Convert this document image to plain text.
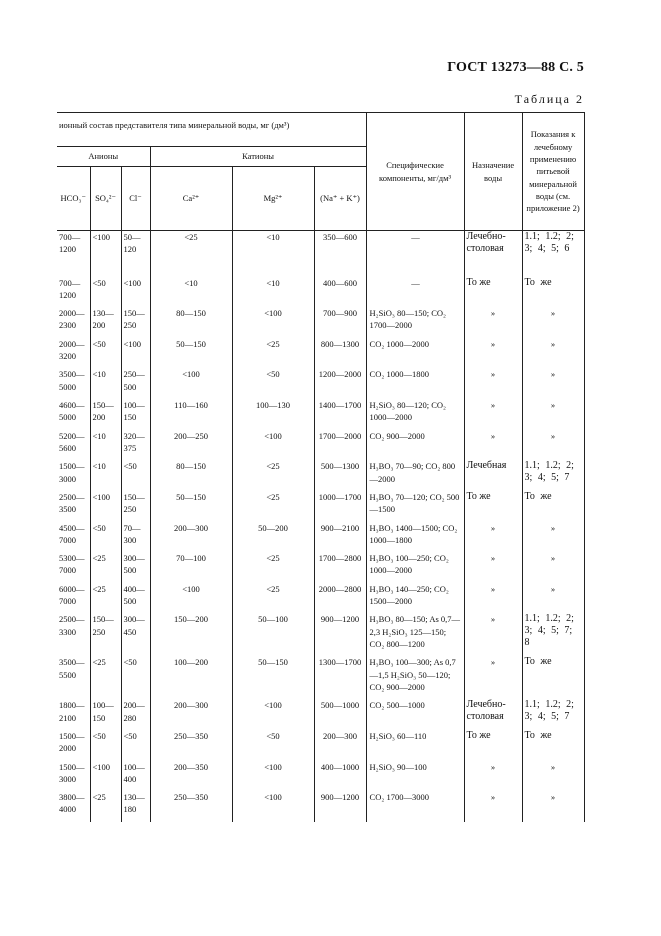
ГОСТ 13273—88 С. 5
Таблица 2
ионный состав представителя типа минеральной воды, мг (дм³)						Специфические компоненты, мг/дм³	Назначение воды	Показания к лечебному применению питьевой минеральной воды (см. приложение 2)
Анионы			Катионы					
HCO₃⁻	SO₄²⁻	Cl⁻	Ca²⁺	Mg²⁺	(Na⁺ + K⁺)			
700—1200	<100	50—120	<25	<10	350—600	—	Лечебно-столовая	1.1; 1.2; 2; 3; 4; 5; 6
700—1200	<50	<100	<10	<10	400—600	—	То же	То же
2000—2300	130—200	150—250	80—150	<100	700—900	H₂SiO₃ 80—150; CO₂ 1700—2000	»	»
2000—3200	<50	<100	50—150	<25	800—1300	CO₂ 1000—2000	»	»
3500—5000	<10	250—500	<100	<50	1200—2000	CO₂ 1000—1800	»	»
4600—5000	150—200	100—150	110—160	100—130	1400—1700	H₂SiO₃ 80—120; CO₂ 1000—2000	»	»
5200—5600	<10	320—375	200—250	<100	1700—2000	CO₂ 900—2000	»	»
1500—3000	<10	<50	80—150	<25	500—1300	H₃BO₃ 70—90; CO₂ 800—2000	Лечебная	1.1; 1.2; 2; 3; 4; 5; 7
2500—3500	<100	150—250	50—150	<25	1000—1700	H₃BO₃ 70—120; CO₂ 500—1500	То же	То же
4500—7000	<50	70—300	200—300	50—200	900—2100	H₃BO₃ 1400—1500; CO₂ 1000—1800	»	»
5300—7000	<25	300—500	70—100	<25	1700—2800	H₃BO₃ 100—250; CO₂ 1000—2000	»	»
6000—7000	<25	400—500	<100	<25	2000—2800	H₃BO₃ 140—250; CO₂ 1500—2000	»	»
2500—3300	150—250	300—450	150—200	50—100	900—1200	H₃BO₃ 80—150; As 0,7—2,3 H₂SiO₃ 125—150; CO₂ 800—1200	»	1.1; 1.2; 2; 3; 4; 5; 7; 8
3500—5500	<25	<50	100—200	50—150	1300—1700	H₃BO₃ 100—300; As 0,7—1,5 H₂SiO₃ 50—120; CO₂ 900—2000	»	То же
1800—2100	100—150	200—280	200—300	<100	500—1000	CO₂ 500—1000	Лечебно-столовая	1.1; 1.2; 2; 3; 4; 5; 7
1500—2000	<50	<50	250—350	<50	200—300	H₂SiO₃ 60—110	То же	То же
1500—3000	<100	100—400	200—350	<100	400—1000	H₂SiO₃ 90—100	»	»
3800—4000	<25	130—180	250—350	<100	900—1200	CO₂ 1700—3000	»	»
